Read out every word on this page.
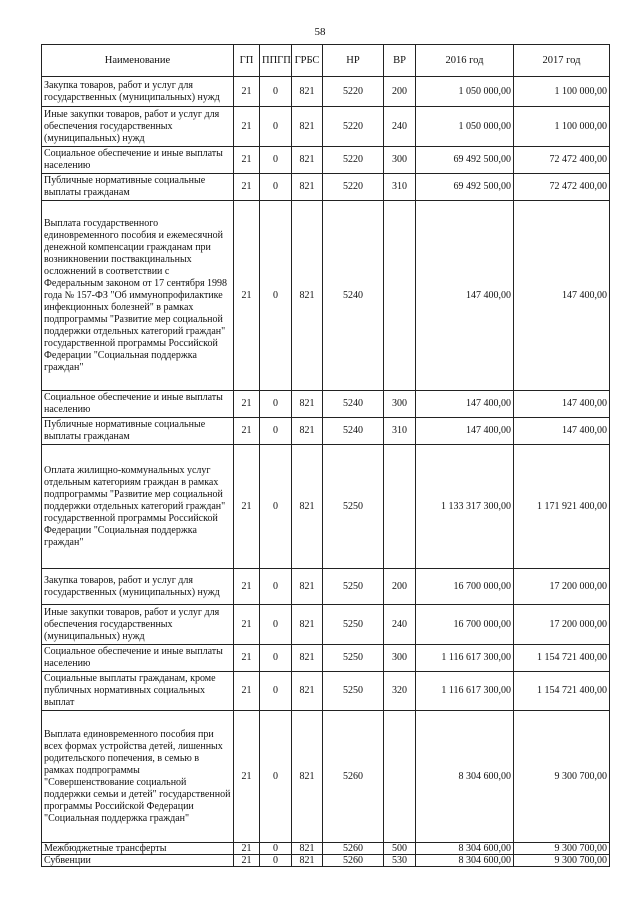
58
Наименование	ГП	ППГП	ГРБС	НР	ВР	2016 год	2017 год
Закупка товаров, работ и услуг для государственных (муниципальных) нужд	21	0	821	5220	200	1 050 000,00	1 100 000,00
Иные закупки товаров, работ и услуг для обеспечения государственных (муниципальных) нужд	21	0	821	5220	240	1 050 000,00	1 100 000,00
Социальное обеспечение и иные выплаты населению	21	0	821	5220	300	69 492 500,00	72 472 400,00
Публичные нормативные социальные выплаты гражданам	21	0	821	5220	310	69 492 500,00	72 472 400,00
Выплата государственного единовременного пособия и ежемесячной денежной компенсации гражданам при возникновении поствакцинальных осложнений в соответствии с Федеральным законом от 17 сентября 1998 года № 157-ФЗ "Об иммунопрофилактике инфекционных болезней" в рамках подпрограммы "Развитие мер социальной поддержки отдельных категорий граждан" государственной программы Российской Федерации "Социальная поддержка граждан"	21	0	821	5240		147 400,00	147 400,00
Социальное обеспечение и иные выплаты населению	21	0	821	5240	300	147 400,00	147 400,00
Публичные нормативные социальные выплаты гражданам	21	0	821	5240	310	147 400,00	147 400,00
Оплата жилищно-коммунальных услуг отдельным категориям граждан в рамках подпрограммы "Развитие мер социальной поддержки отдельных категорий граждан" государственной программы Российской Федерации "Социальная поддержка граждан"	21	0	821	5250		1 133 317 300,00	1 171 921 400,00
Закупка товаров, работ и услуг для государственных (муниципальных) нужд	21	0	821	5250	200	16 700 000,00	17 200 000,00
Иные закупки товаров, работ и услуг для обеспечения государственных (муниципальных) нужд	21	0	821	5250	240	16 700 000,00	17 200 000,00
Социальное обеспечение и иные выплаты населению	21	0	821	5250	300	1 116 617 300,00	1 154 721 400,00
Социальные выплаты гражданам, кроме публичных нормативных социальных выплат	21	0	821	5250	320	1 116 617 300,00	1 154 721 400,00
Выплата единовременного пособия при всех формах устройства детей, лишенных родительского попечения, в семью в рамках подпрограммы "Совершенствование социальной поддержки семьи и детей" государственной программы Российской Федерации "Социальная поддержка граждан"	21	0	821	5260		8 304 600,00	9 300 700,00
Межбюджетные трансферты	21	0	821	5260	500	8 304 600,00	9 300 700,00
Субвенции	21	0	821	5260	530	8 304 600,00	9 300 700,00
